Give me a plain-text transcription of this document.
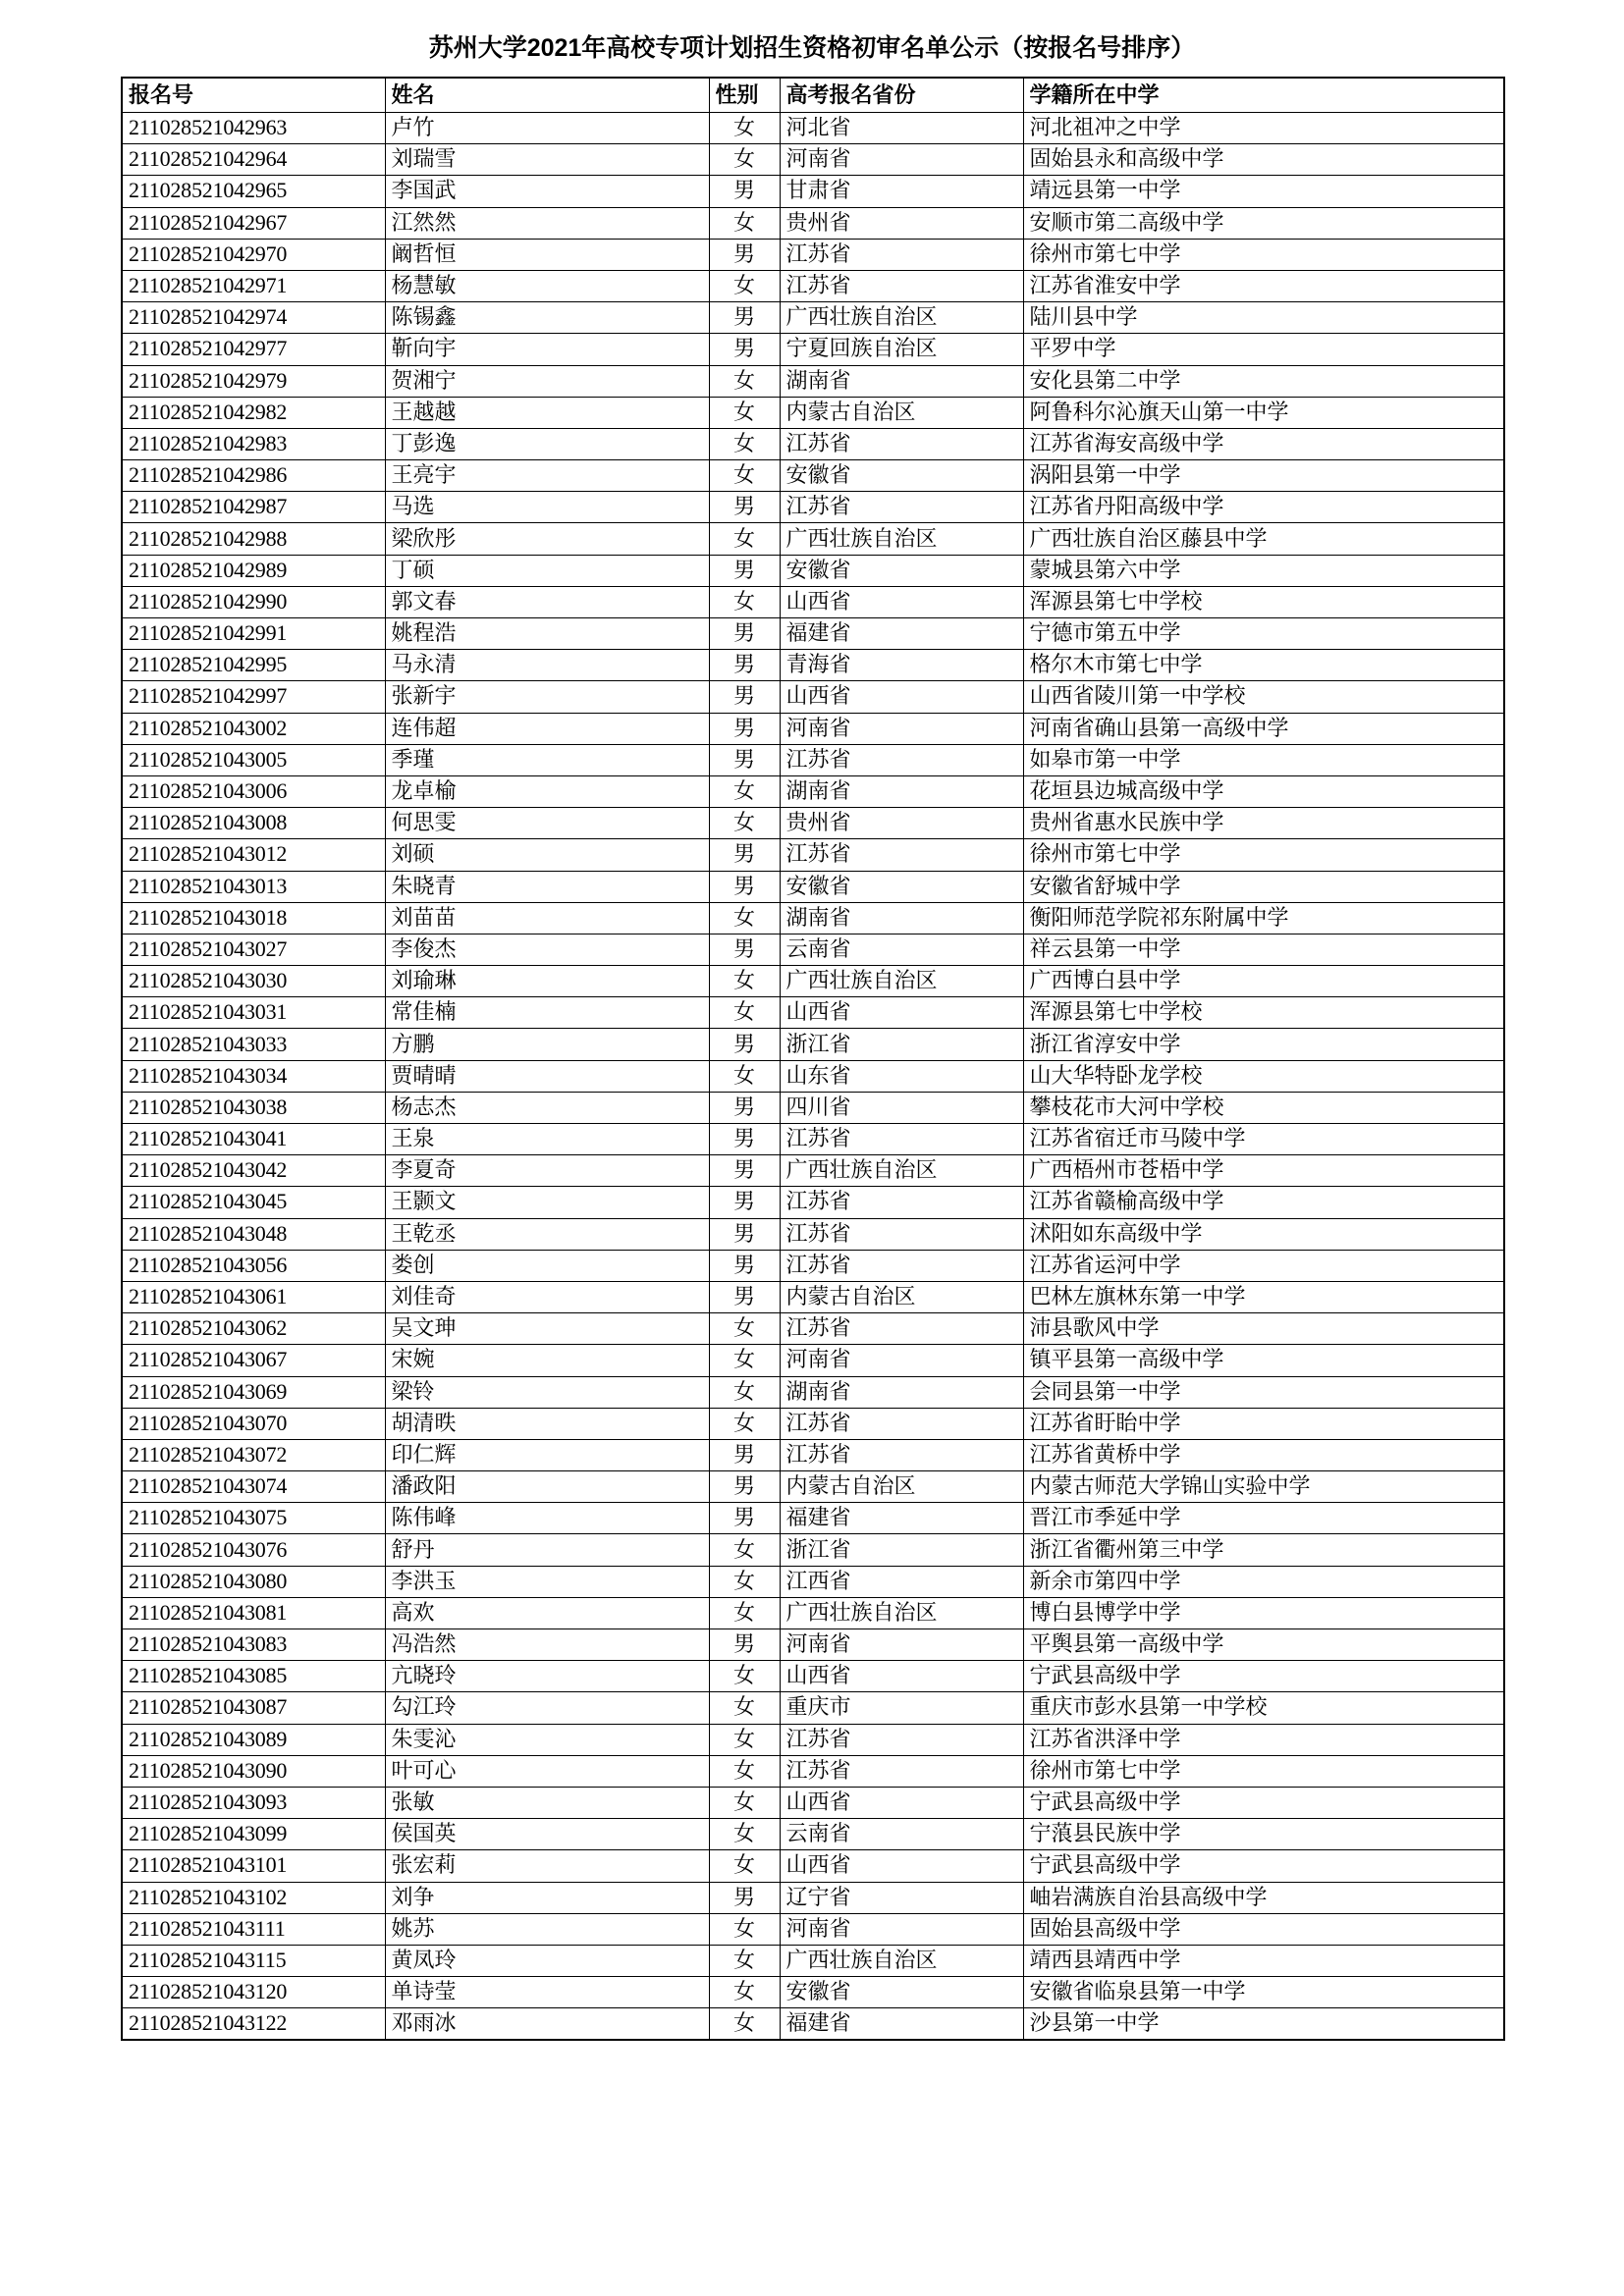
苏州大学2021年高校专项计划招生资格初审名单公示（按报名号排序）
报名号	姓名	性别	高考报名省份	学籍所在中学
211028521042963	卢竹	女	河北省	河北祖冲之中学
211028521042964	刘瑞雪	女	河南省	固始县永和高级中学
211028521042965	李国武	男	甘肃省	靖远县第一中学
211028521042967	江然然	女	贵州省	安顺市第二高级中学
211028521042970	阚哲恒	男	江苏省	徐州市第七中学
211028521042971	杨慧敏	女	江苏省	江苏省淮安中学
211028521042974	陈锡鑫	男	广西壮族自治区	陆川县中学
211028521042977	靳向宇	男	宁夏回族自治区	平罗中学
211028521042979	贺湘宁	女	湖南省	安化县第二中学
211028521042982	王越越	女	内蒙古自治区	阿鲁科尔沁旗天山第一中学
211028521042983	丁彭逸	女	江苏省	江苏省海安高级中学
211028521042986	王亮宇	女	安徽省	涡阳县第一中学
211028521042987	马选	男	江苏省	江苏省丹阳高级中学
211028521042988	梁欣彤	女	广西壮族自治区	广西壮族自治区藤县中学
211028521042989	丁硕	男	安徽省	蒙城县第六中学
211028521042990	郭文春	女	山西省	浑源县第七中学校
211028521042991	姚程浩	男	福建省	宁德市第五中学
211028521042995	马永清	男	青海省	格尔木市第七中学
211028521042997	张新宇	男	山西省	山西省陵川第一中学校
211028521043002	连伟超	男	河南省	河南省确山县第一高级中学
211028521043005	季瑾	男	江苏省	如皋市第一中学
211028521043006	龙卓榆	女	湖南省	花垣县边城高级中学
211028521043008	何思雯	女	贵州省	贵州省惠水民族中学
211028521043012	刘硕	男	江苏省	徐州市第七中学
211028521043013	朱晓青	男	安徽省	安徽省舒城中学
211028521043018	刘苗苗	女	湖南省	衡阳师范学院祁东附属中学
211028521043027	李俊杰	男	云南省	祥云县第一中学
211028521043030	刘瑜琳	女	广西壮族自治区	广西博白县中学
211028521043031	常佳楠	女	山西省	浑源县第七中学校
211028521043033	方鹏	男	浙江省	浙江省淳安中学
211028521043034	贾晴晴	女	山东省	山大华特卧龙学校
211028521043038	杨志杰	男	四川省	攀枝花市大河中学校
211028521043041	王泉	男	江苏省	江苏省宿迁市马陵中学
211028521043042	李夏奇	男	广西壮族自治区	广西梧州市苍梧中学
211028521043045	王颢文	男	江苏省	江苏省赣榆高级中学
211028521043048	王乾丞	男	江苏省	沭阳如东高级中学
211028521043056	娄创	男	江苏省	江苏省运河中学
211028521043061	刘佳奇	男	内蒙古自治区	巴林左旗林东第一中学
211028521043062	吴文珅	女	江苏省	沛县歌风中学
211028521043067	宋婉	女	河南省	镇平县第一高级中学
211028521043069	梁铃	女	湖南省	会同县第一中学
211028521043070	胡清昳	女	江苏省	江苏省盱眙中学
211028521043072	印仁辉	男	江苏省	江苏省黄桥中学
211028521043074	潘政阳	男	内蒙古自治区	内蒙古师范大学锦山实验中学
211028521043075	陈伟峰	男	福建省	晋江市季延中学
211028521043076	舒丹	女	浙江省	浙江省衢州第三中学
211028521043080	李洪玉	女	江西省	新余市第四中学
211028521043081	高欢	女	广西壮族自治区	博白县博学中学
211028521043083	冯浩然	男	河南省	平舆县第一高级中学
211028521043085	亢晓玲	女	山西省	宁武县高级中学
211028521043087	勾江玲	女	重庆市	重庆市彭水县第一中学校
211028521043089	朱雯沁	女	江苏省	江苏省洪泽中学
211028521043090	叶可心	女	江苏省	徐州市第七中学
211028521043093	张敏	女	山西省	宁武县高级中学
211028521043099	侯国英	女	云南省	宁蒗县民族中学
211028521043101	张宏莉	女	山西省	宁武县高级中学
211028521043102	刘争	男	辽宁省	岫岩满族自治县高级中学
211028521043111	姚苏	女	河南省	固始县高级中学
211028521043115	黄凤玲	女	广西壮族自治区	靖西县靖西中学
211028521043120	单诗莹	女	安徽省	安徽省临泉县第一中学
211028521043122	邓雨冰	女	福建省	沙县第一中学
